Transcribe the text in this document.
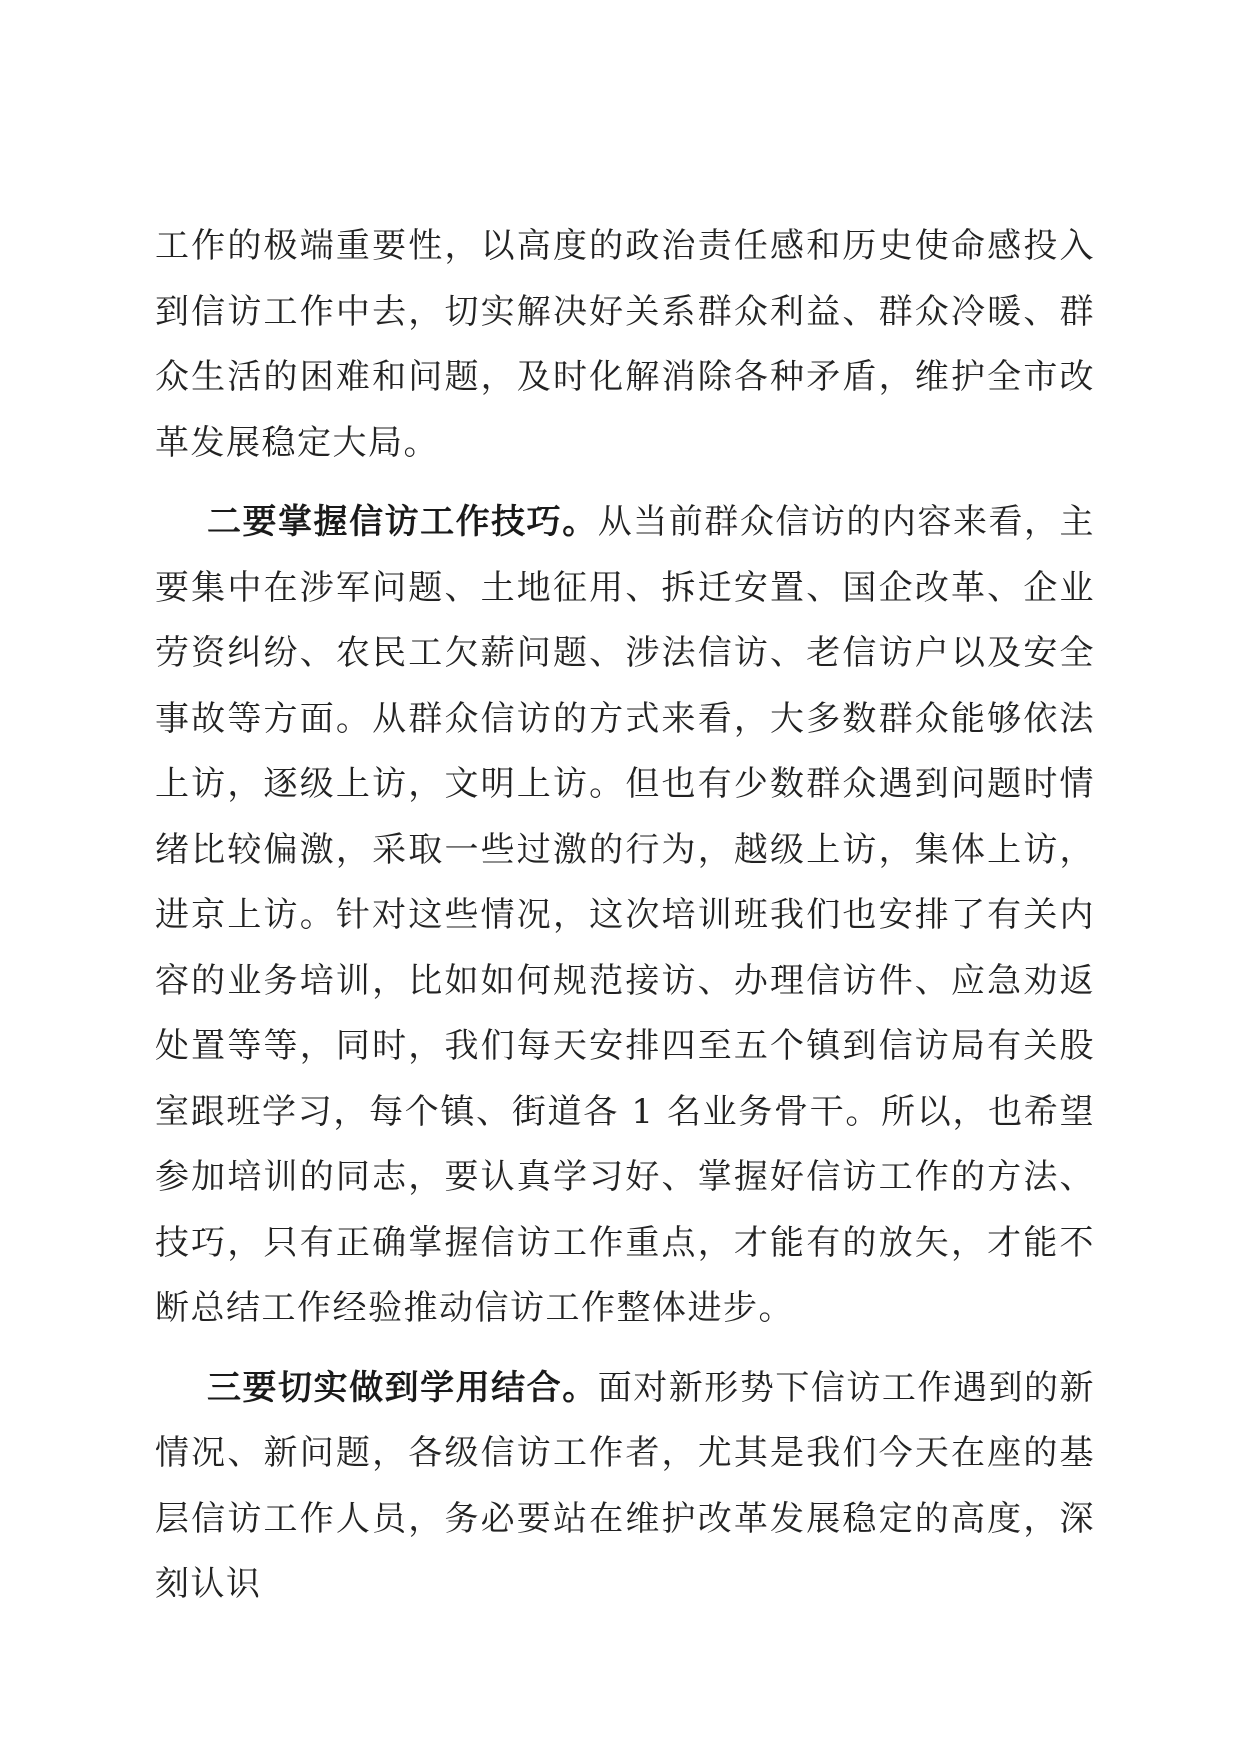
工作的极端重要性，以高度的政治责任感和历史使命感投入到信访工作中去，切实解决好关系群众利益、群众冷暖、群众生活的困难和问题，及时化解消除各种矛盾，维护全市改革发展稳定大局。

二要掌握信访工作技巧。从当前群众信访的内容来看，主要集中在涉军问题、土地征用、拆迁安置、国企改革、企业劳资纠纷、农民工欠薪问题、涉法信访、老信访户以及安全事故等方面。从群众信访的方式来看，大多数群众能够依法上访，逐级上访，文明上访。但也有少数群众遇到问题时情绪比较偏激，采取一些过激的行为，越级上访，集体上访，进京上访。针对这些情况，这次培训班我们也安排了有关内容的业务培训，比如如何规范接访、办理信访件、应急劝返处置等等，同时，我们每天安排四至五个镇到信访局有关股室跟班学习，每个镇、街道各 1 名业务骨干。所以，也希望参加培训的同志，要认真学习好、掌握好信访工作的方法、技巧，只有正确掌握信访工作重点，才能有的放矢，才能不断总结工作经验推动信访工作整体进步。

三要切实做到学用结合。面对新形势下信访工作遇到的新情况、新问题，各级信访工作者，尤其是我们今天在座的基层信访工作人员，务必要站在维护改革发展稳定的高度，深刻认识
